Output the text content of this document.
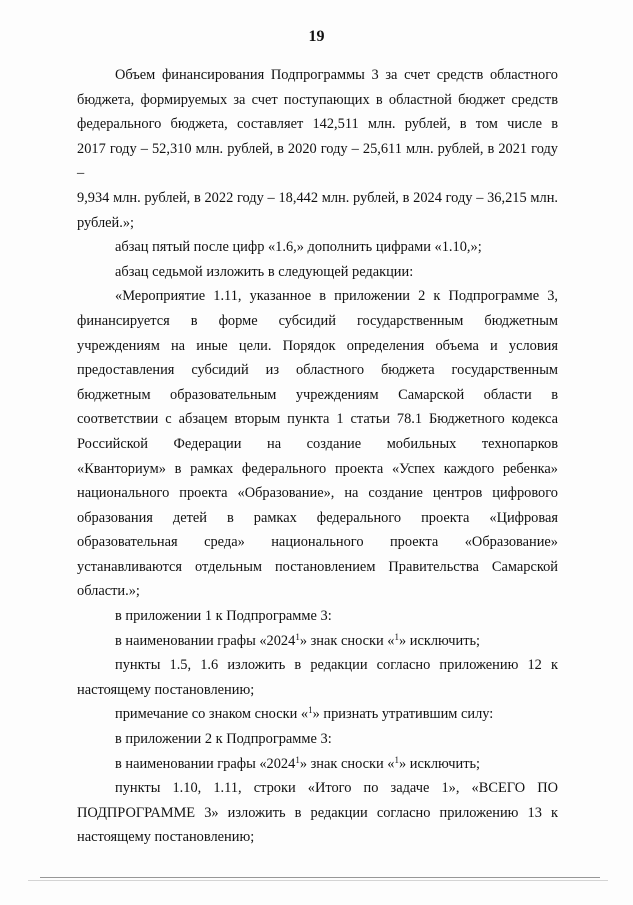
19

Объем финансирования Подпрограммы 3 за счет средств областного

бюджета, формируемых за счет поступающих в областной бюджет средств

федерального бюджета, составляет 142,511 млн. рублей, в том числе в

2017 году – 52,310 млн. рублей, в 2020 году – 25,611 млн. рублей, в 2021 году –

9,934 млн. рублей, в 2022 году – 18,442 млн. рублей, в 2024 году – 36,215 млн.

рублей.»;

абзац пятый после цифр «1.6,» дополнить цифрами «1.10,»;

абзац седьмой изложить в следующей редакции:

«Мероприятие 1.11, указанное в приложении 2 к Подпрограмме 3,

финансируется в форме субсидий государственным бюджетным

учреждениям на иные цели. Порядок определения объема и условия

предоставления субсидий из областного бюджета государственным

бюджетным образовательным учреждениям Самарской области в

соответствии с абзацем вторым пункта 1 статьи 78.1 Бюджетного кодекса

Российской Федерации на создание мобильных технопарков

«Кванториум» в рамках федерального проекта «Успех каждого ребенка»

национального проекта «Образование», на создание центров цифрового

образования детей в рамках федерального проекта «Цифровая

образовательная среда» национального проекта «Образование»

устанавливаются отдельным постановлением Правительства Самарской

области.»;

в приложении 1 к Подпрограмме 3:

в наименовании графы «2024$^1$» знак сноски «$^1$» исключить;

пункты 1.5, 1.6 изложить в редакции согласно приложению 12 к

настоящему постановлению;

примечание со знаком сноски «$^1$» признать утратившим силу:

в приложении 2 к Подпрограмме 3:

в наименовании графы «2024$^1$» знак сноски «$^1$» исключить;

пункты 1.10, 1.11, строки «Итого по задаче 1», «ВСЕГО ПО

ПОДПРОГРАММЕ 3» изложить в редакции согласно приложению 13 к

настоящему постановлению;
